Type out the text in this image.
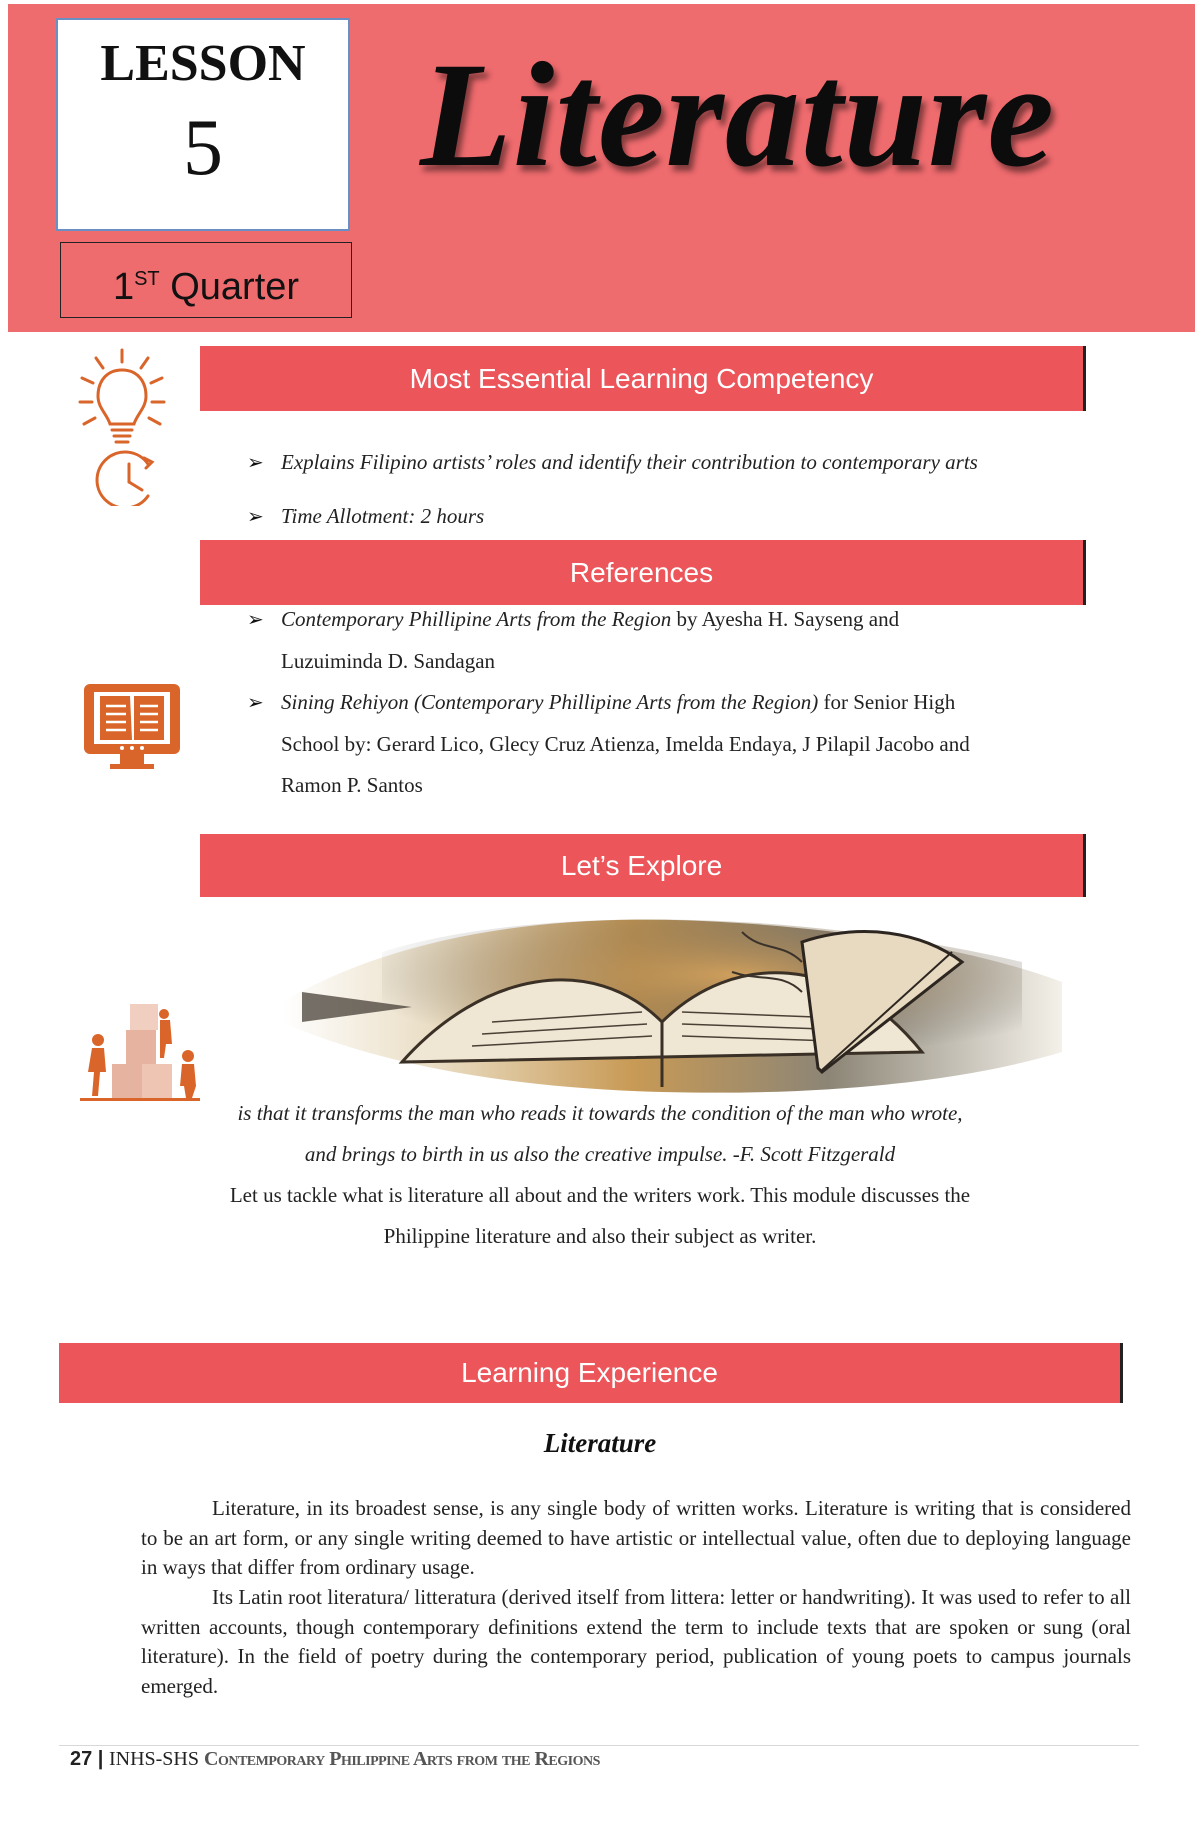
LESSON
5
1ST Quarter
Literature
Most Essential Learning Competency
➢ Explains Filipino artists’ roles and identify their contribution to contemporary arts
➢ Time Allotment: 2 hours
References
➢ Contemporary Phillipine Arts from the Region by Ayesha H. Sayseng and
Luzuiminda D. Sandagan
➢ Sining Rehiyon (Contemporary Phillipine Arts from the Region) for Senior High
School by: Gerard Lico, Glecy Cruz Atienza, Imelda Endaya, J Pilapil Jacobo and
Ramon P. Santos
Let’s Explore
is that it transforms the man who reads it towards the condition of the man who wrote,
and brings to birth in us also the creative impulse. -F. Scott Fitzgerald
Let us tackle what is literature all about and the writers work. This module discusses the
Philippine literature and also their subject as writer.
Learning Experience
Literature
Literature, in its broadest sense, is any single body of written works. Literature is writing that is considered to be an art form, or any single writing deemed to have artistic or intellectual value, often due to deploying language in ways that differ from ordinary usage.
Its Latin root literatura/ litteratura (derived itself from littera: letter or handwriting). It was used to refer to all written accounts, though contemporary definitions extend the term to include texts that are spoken or sung (oral literature). In the field of poetry during the contemporary period, publication of young poets to campus journals emerged.
27 | INHS-SHS Contemporary Philippine Arts from the Regions
